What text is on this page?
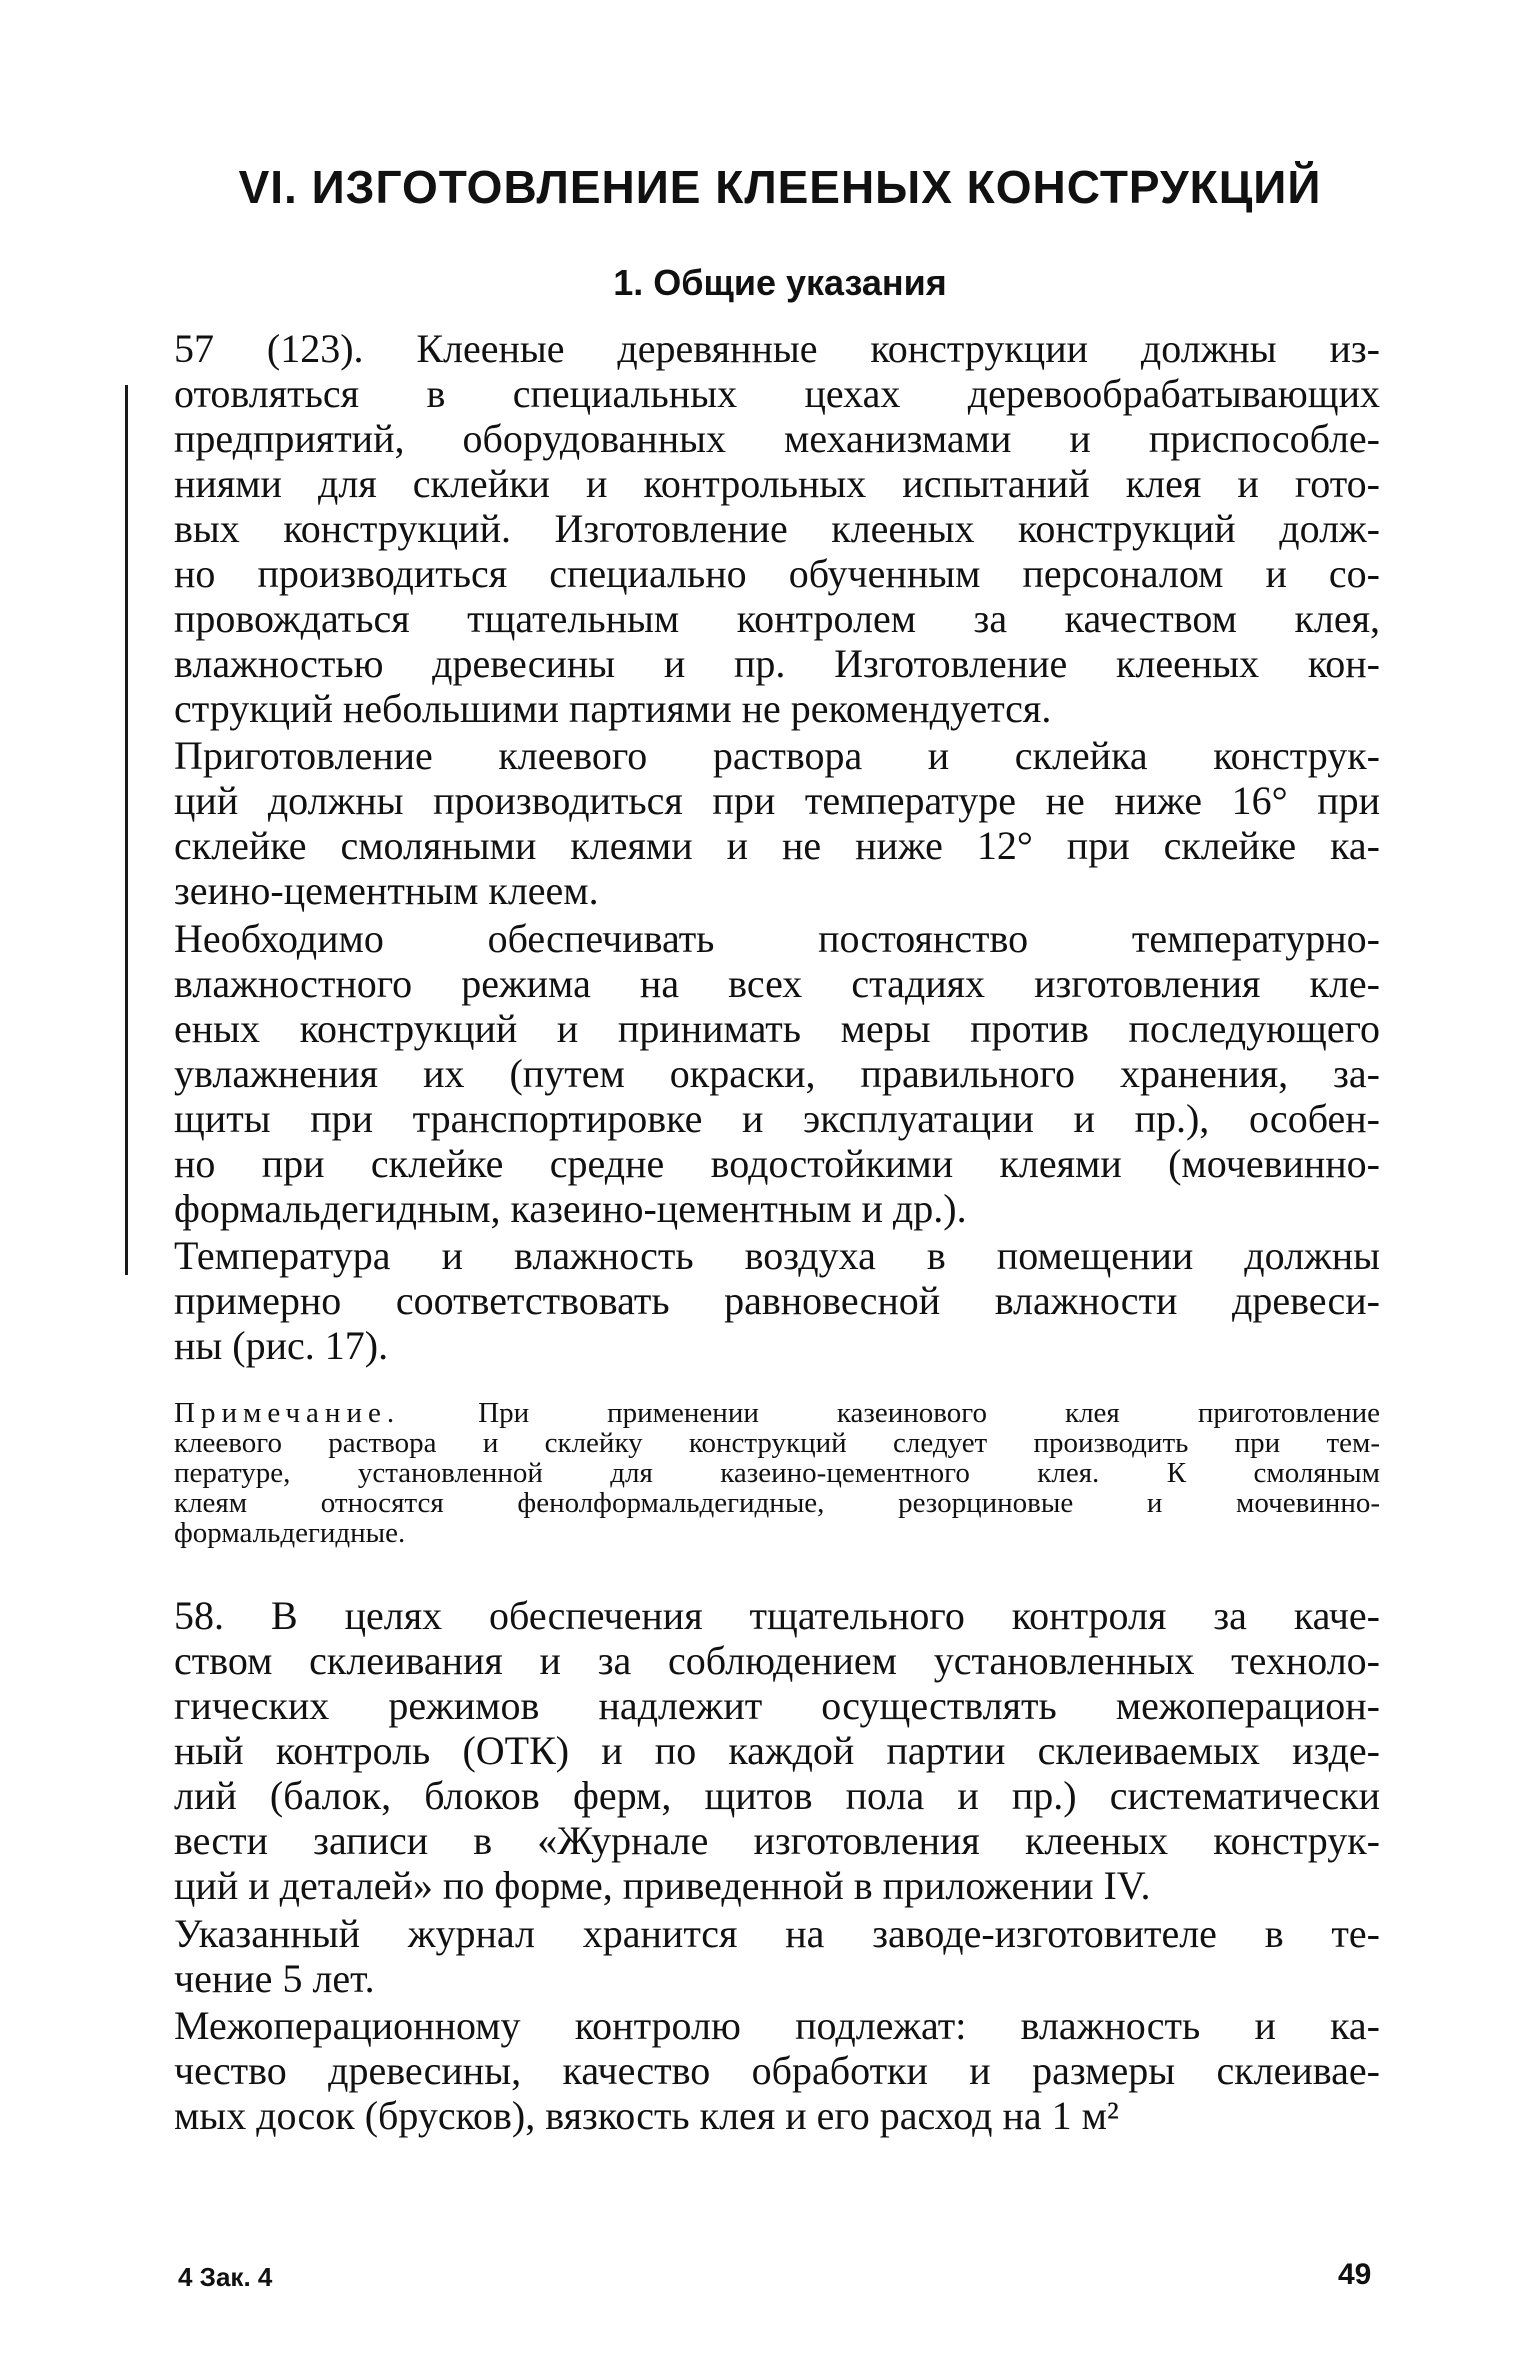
VI. ИЗГОТОВЛЕНИЕ КЛЕЕНЫХ КОНСТРУКЦИЙ
1. Общие указания
57 (123). Клееные деревянные конструкции должны из-
отовляться в специальных цехах деревообрабатывающих
предприятий, оборудованных механизмами и приспособле-
ниями для склейки и контрольных испытаний клея и гото-
вых конструкций. Изготовление клееных конструкций долж-
но производиться специально обученным персоналом и со-
провождаться тщательным контролем за качеством клея,
влажностью древесины и пр. Изготовление клееных кон-
струкций небольшими партиями не рекомендуется.
Приготовление клеевого раствора и склейка конструк-
ций должны производиться при температуре не ниже 16° при
склейке смоляными клеями и не ниже 12° при склейке ка-
зеино-цементным клеем.
Необходимо обеспечивать постоянство температурно-
влажностного режима на всех стадиях изготовления кле-
еных конструкций и принимать меры против последующего
увлажнения их (путем окраски, правильного хранения, за-
щиты при транспортировке и эксплуатации и пр.), особен-
но при склейке средне водостойкими клеями (мочевинно-
формальдегидным, казеино-цементным и др.).
Температура и влажность воздуха в помещении должны
примерно соответствовать равновесной влажности древеси-
ны (рис. 17).
Примечание. При применении казеинового клея приготовление
клеевого раствора и склейку конструкций следует производить при тем-
пературе, установленной для казеино-цементного клея. К смоляным
клеям относятся фенолформальдегидные, резорциновые и мочевинно-
формальдегидные.
58. В целях обеспечения тщательного контроля за каче-
ством склеивания и за соблюдением установленных техноло-
гических режимов надлежит осуществлять межоперацион-
ный контроль (ОТК) и по каждой партии склеиваемых изде-
лий (балок, блоков ферм, щитов пола и пр.) систематически
вести записи в «Журнале изготовления клееных конструк-
ций и деталей» по форме, приведенной в приложении IV.
Указанный журнал хранится на заводе-изготовителе в те-
чение 5 лет.
Межоперационному контролю подлежат: влажность и ка-
чество древесины, качество обработки и размеры склеивае-
мых досок (брусков), вязкость клея и его расход на 1 м²
4 Зак. 4	49
